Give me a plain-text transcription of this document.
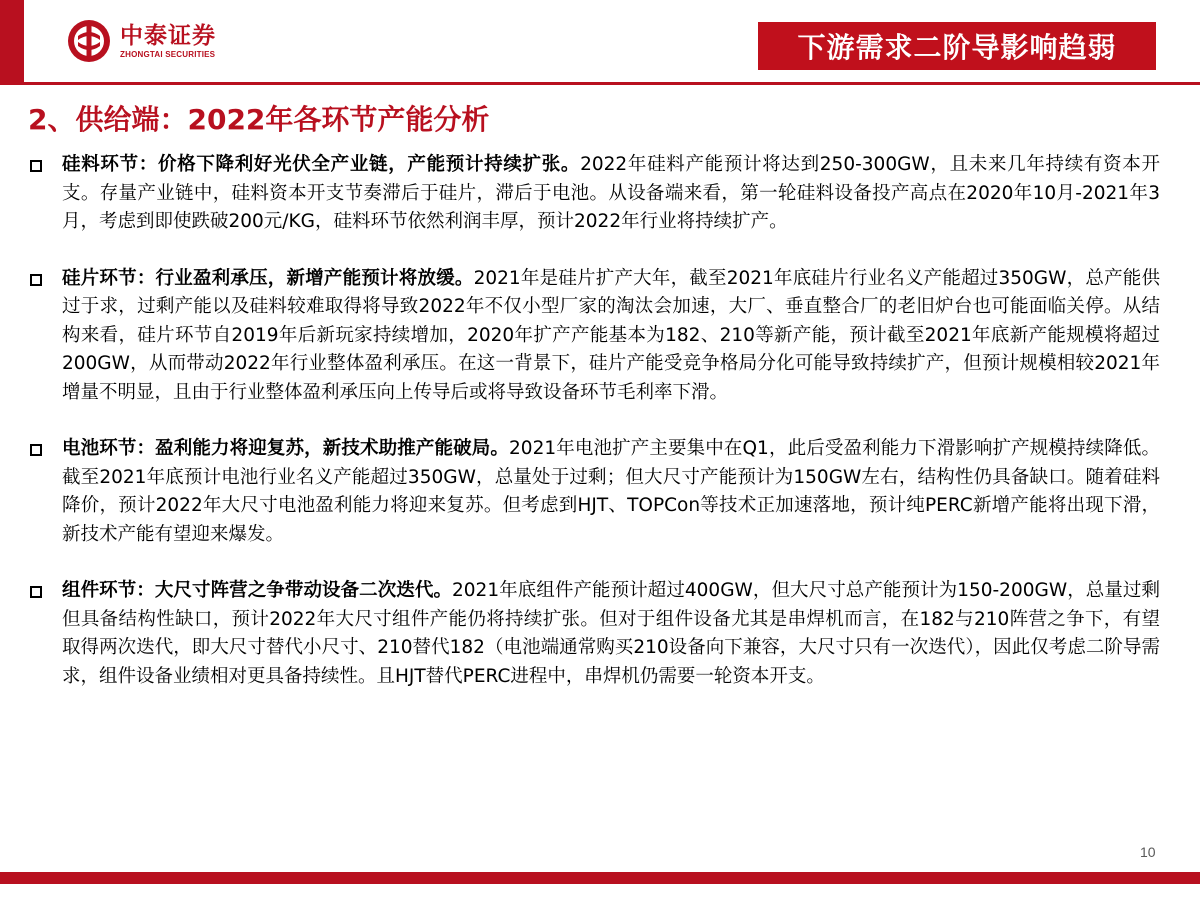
中泰证券
ZHONGTAI SECURITIES	下游需求二阶导影响趋弱
2、供给端：2022年各环节产能分析
硅料环节：价格下降利好光伏全产业链，产能预计持续扩张。2022年硅料产能预计将达到250-300GW，且未来几年持续有资本开支。存量产业链中，硅料资本开支节奏滞后于硅片，滞后于电池。从设备端来看，第一轮硅料设备投产高点在2020年10月-2021年3月，考虑到即使跌破200元/KG，硅料环节依然利润丰厚，预计2022年行业将持续扩产。
硅片环节：行业盈利承压，新增产能预计将放缓。2021年是硅片扩产大年，截至2021年底硅片行业名义产能超过350GW，总产能供过于求，过剩产能以及硅料较难取得将导致2022年不仅小型厂家的淘汰会加速，大厂、垂直整合厂的老旧炉台也可能面临关停。从结构来看，硅片环节自2019年后新玩家持续增加，2020年扩产产能基本为182、210等新产能，预计截至2021年底新产能规模将超过200GW，从而带动2022年行业整体盈利承压。在这一背景下，硅片产能受竞争格局分化可能导致持续扩产，但预计规模相较2021年增量不明显，且由于行业整体盈利承压向上传导后或将导致设备环节毛利率下滑。
电池环节：盈利能力将迎复苏，新技术助推产能破局。2021年电池扩产主要集中在Q1，此后受盈利能力下滑影响扩产规模持续降低。截至2021年底预计电池行业名义产能超过350GW，总量处于过剩；但大尺寸产能预计为150GW左右，结构性仍具备缺口。随着硅料降价，预计2022年大尺寸电池盈利能力将迎来复苏。但考虑到HJT、TOPCon等技术正加速落地，预计纯PERC新增产能将出现下滑，新技术产能有望迎来爆发。
组件环节：大尺寸阵营之争带动设备二次迭代。2021年底组件产能预计超过400GW，但大尺寸总产能预计为150-200GW，总量过剩但具备结构性缺口，预计2022年大尺寸组件产能仍将持续扩张。但对于组件设备尤其是串焊机而言，在182与210阵营之争下，有望取得两次迭代，即大尺寸替代小尺寸、210替代182（电池端通常购买210设备向下兼容，大尺寸只有一次迭代），因此仅考虑二阶导需求，组件设备业绩相对更具备持续性。且HJT替代PERC进程中，串焊机仍需要一轮资本开支。
10
